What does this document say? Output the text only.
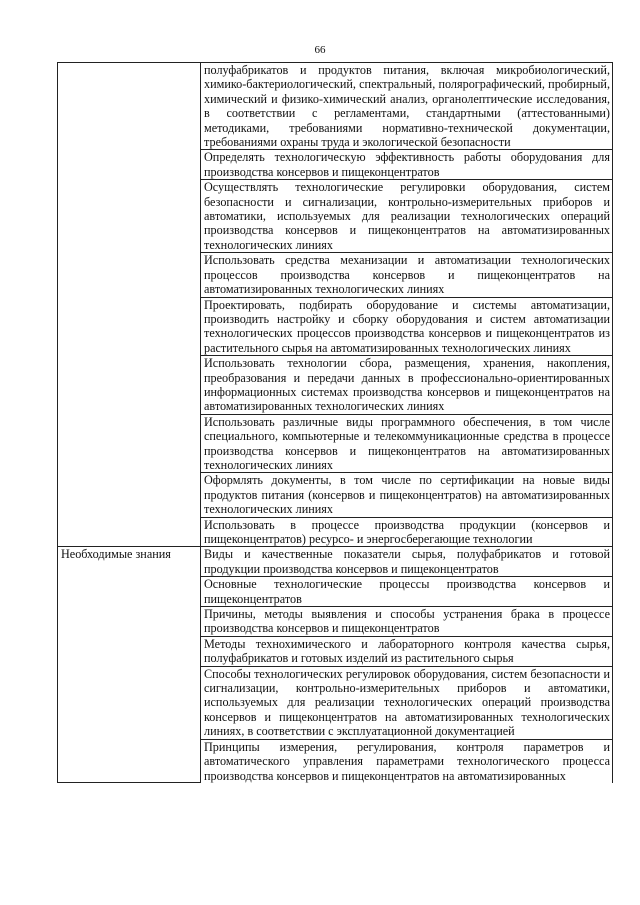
66
	полуфабрикатов и продуктов питания, включая микробиологический, химико-бактериологический, спектральный, полярографический, пробирный, химический и физико-химический анализ, органолептические исследования, в соответствии с регламентами, стандартными (аттестованными) методиками, требованиями нормативно-технической документации, требованиями охраны труда и экологической безопасности
	Определять технологическую эффективность работы оборудования для производства консервов и пищеконцентратов
	Осуществлять технологические регулировки оборудования, систем безопасности и сигнализации, контрольно-измерительных приборов и автоматики, используемых для реализации технологических операций производства консервов и пищеконцентратов на автоматизированных технологических линиях
	Использовать средства механизации и автоматизации технологических процессов производства консервов и пищеконцентратов на автоматизированных технологических линиях
	Проектировать, подбирать оборудование и системы автоматизации, производить настройку и сборку оборудования и систем автоматизации технологических процессов производства консервов и пищеконцентратов из растительного сырья на автоматизированных технологических линиях
	Использовать технологии сбора, размещения, хранения, накопления, преобразования и передачи данных в профессионально-ориентированных информационных системах производства консервов и пищеконцентратов на автоматизированных технологических линиях
	Использовать различные виды программного обеспечения, в том числе специального, компьютерные и телекоммуникационные средства в процессе производства консервов и пищеконцентратов на автоматизированных технологических линиях
	Оформлять документы, в том числе по сертификации на новые виды продуктов питания (консервов и пищеконцентратов) на автоматизированных технологических линиях
	Использовать в процессе производства продукции (консервов и пищеконцентратов) ресурсо- и энергосберегающие технологии
Необходимые знания	Виды и качественные показатели сырья, полуфабрикатов и готовой продукции производства консервов и пищеконцентратов
	Основные технологические процессы производства консервов и пищеконцентратов
	Причины, методы выявления и способы устранения брака в процессе производства консервов и пищеконцентратов
	Методы технохимического и лабораторного контроля качества сырья, полуфабрикатов и готовых изделий из растительного сырья
	Способы технологических регулировок оборудования, систем безопасности и сигнализации, контрольно-измерительных приборов и автоматики, используемых для реализации технологических операций производства консервов и пищеконцентратов на автоматизированных технологических линиях, в соответствии с эксплуатационной документацией
	Принципы измерения, регулирования, контроля параметров и автоматического управления параметрами технологического процесса производства консервов и пищеконцентратов на автоматизированных
